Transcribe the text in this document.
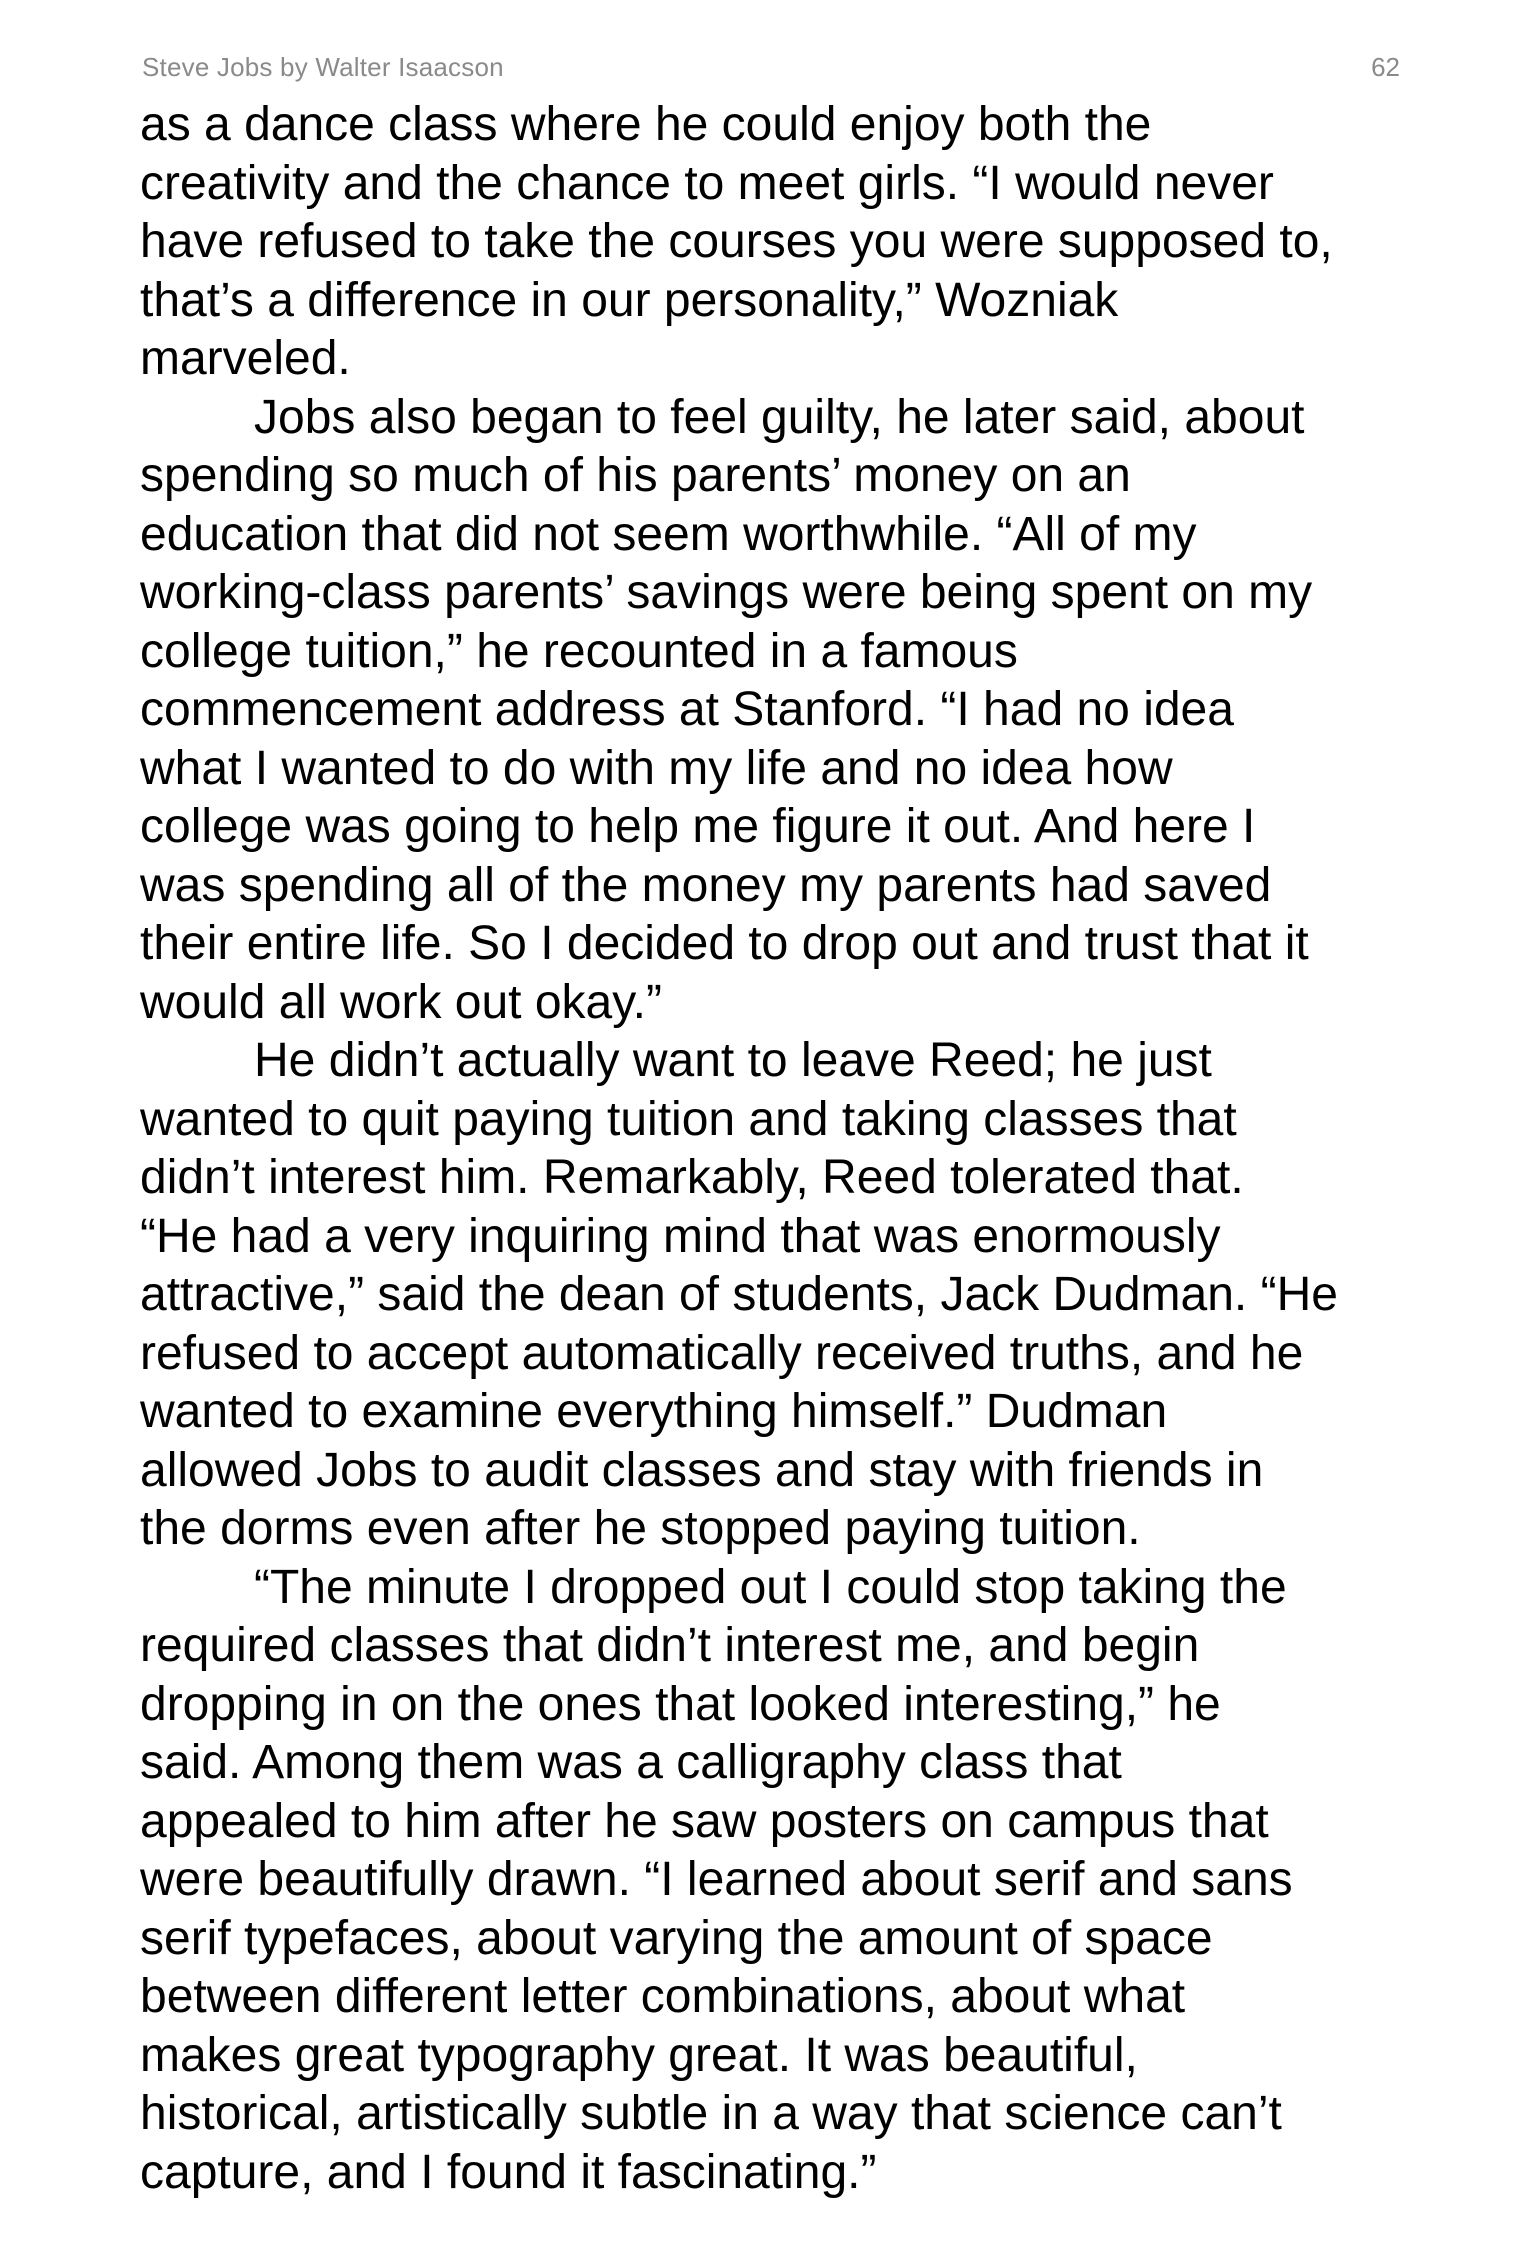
Steve Jobs by Walter Isaacson	62
as a dance class where he could enjoy both the
creativity and the chance to meet girls. “I would never
have refused to take the courses you were supposed to,
that’s a difference in our personality,” Wozniak
marveled.
Jobs also began to feel guilty, he later said, about
spending so much of his parents’ money on an
education that did not seem worthwhile. “All of my
working-class parents’ savings were being spent on my
college tuition,” he recounted in a famous
commencement address at Stanford. “I had no idea
what I wanted to do with my life and no idea how
college was going to help me figure it out. And here I
was spending all of the money my parents had saved
their entire life. So I decided to drop out and trust that it
would all work out okay.”
He didn’t actually want to leave Reed; he just
wanted to quit paying tuition and taking classes that
didn’t interest him. Remarkably, Reed tolerated that.
“He had a very inquiring mind that was enormously
attractive,” said the dean of students, Jack Dudman. “He
refused to accept automatically received truths, and he
wanted to examine everything himself.” Dudman
allowed Jobs to audit classes and stay with friends in
the dorms even after he stopped paying tuition.
“The minute I dropped out I could stop taking the
required classes that didn’t interest me, and begin
dropping in on the ones that looked interesting,” he
said. Among them was a calligraphy class that
appealed to him after he saw posters on campus that
were beautifully drawn. “I learned about serif and sans
serif typefaces, about varying the amount of space
between different letter combinations, about what
makes great typography great. It was beautiful,
historical, artistically subtle in a way that science can’t
capture, and I found it fascinating.”
